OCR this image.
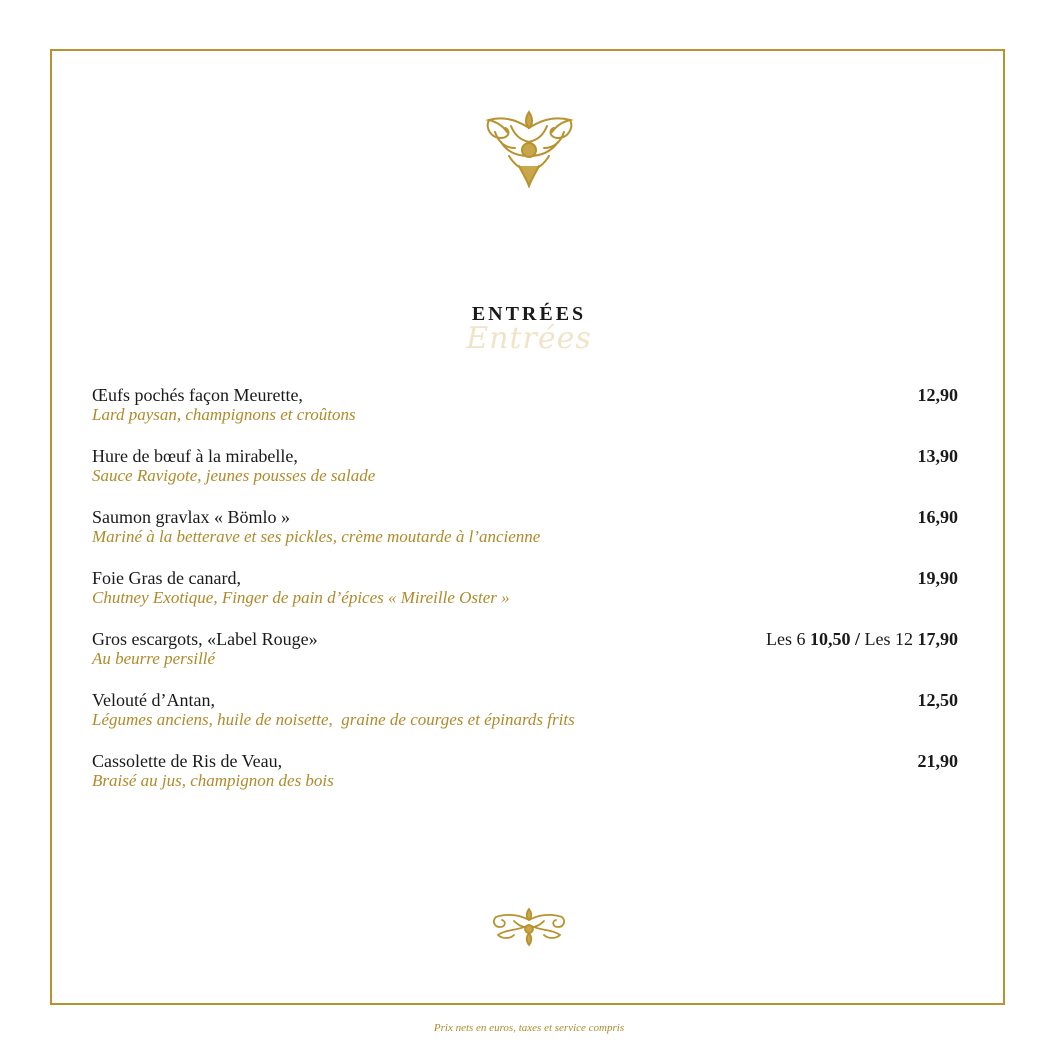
Entrées
ENTRÉES
Œufs pochés façon Meurette,
Lard paysan, champignons et croûtons
12,90
Hure de bœuf à la mirabelle,
Sauce Ravigote, jeunes pousses de salade
13,90
Saumon gravlax « Bömlo »
Mariné à la betterave et ses pickles, crème moutarde à l’ancienne
16,90
Foie Gras de canard,
Chutney Exotique, Finger de pain d’épices « Mireille Oster »
19,90
Gros escargots, «Label Rouge»
Au beurre persillé
Les 6 10,50 / Les 12 17,90
Velouté d’Antan,
Légumes anciens, huile de noisette,  graine de courges et épinards frits
12,50
Cassolette de Ris de Veau,
Braisé au jus, champignon des bois
21,90
Prix nets en euros, taxes et service compris
